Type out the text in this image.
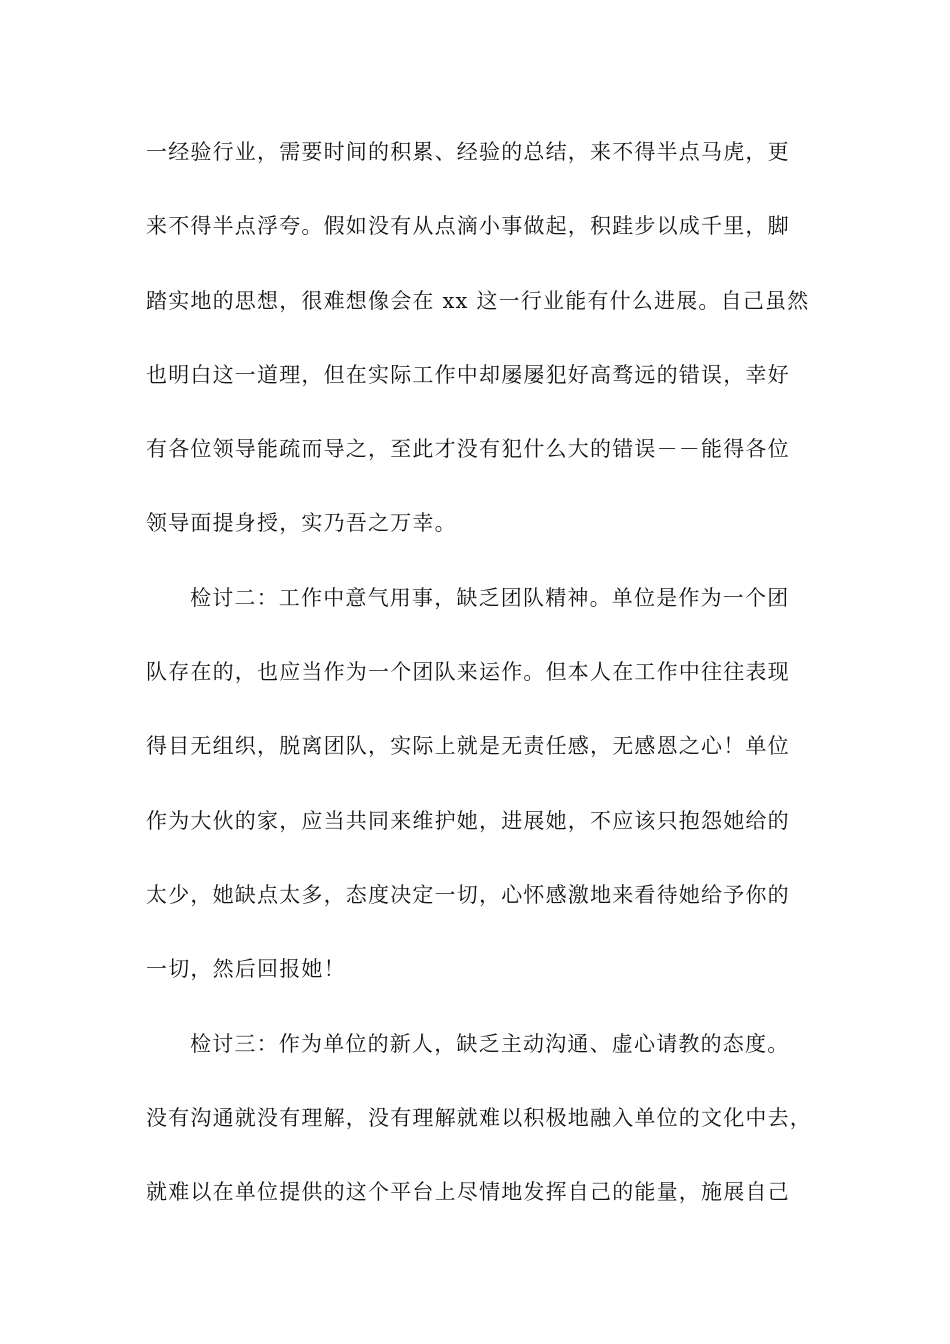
一经验行业，需要时间的积累、经验的总结，来不得半点马虎，更
来不得半点浮夸。假如没有从点滴小事做起，积跬步以成千里，脚
踏实地的思想，很难想像会在 xx 这一行业能有什么进展。自己虽然
也明白这一道理，但在实际工作中却屡屡犯好高骛远的错误，幸好
有各位领导能疏而导之，至此才没有犯什么大的错误－－能得各位
领导面提身授，实乃吾之万幸。
检讨二：工作中意气用事，缺乏团队精神。单位是作为一个团
队存在的，也应当作为一个团队来运作。但本人在工作中往往表现
得目无组织，脱离团队，实际上就是无责任感，无感恩之心！单位
作为大伙的家，应当共同来维护她，进展她，不应该只抱怨她给的
太少，她缺点太多，态度决定一切，心怀感激地来看待她给予你的
一切，然后回报她！
检讨三：作为单位的新人，缺乏主动沟通、虚心请教的态度。
没有沟通就没有理解，没有理解就难以积极地融入单位的文化中去，
就难以在单位提供的这个平台上尽情地发挥自己的能量，施展自己
